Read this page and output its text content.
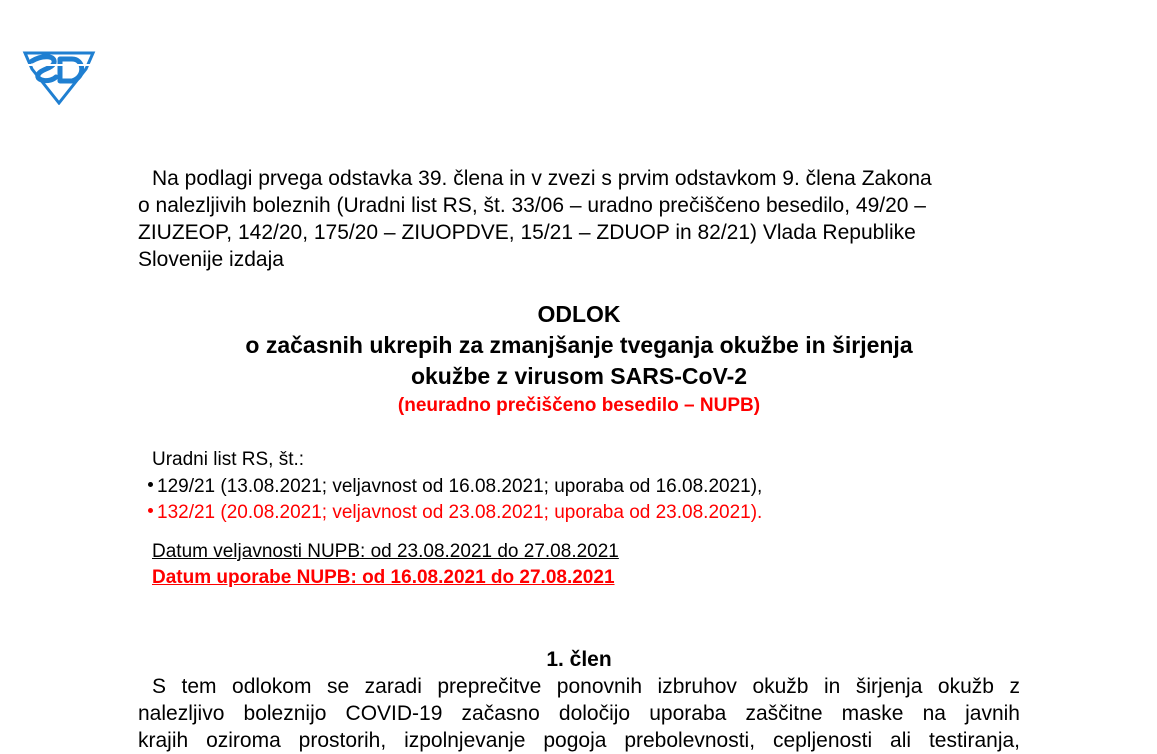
Na podlagi prvega odstavka 39. člena in v zvezi s prvim odstavkom 9. člena Zakona
o nalezljivih boleznih (Uradni list RS, št. 33/06 – uradno prečiščeno besedilo, 49/20 –
ZIUZEOP, 142/20, 175/20 – ZIUOPDVE, 15/21 – ZDUOP in 82/21) Vlada Republike
Slovenije izdaja
ODLOK
o začasnih ukrepih za zmanjšanje tveganja okužbe in širjenja
okužbe z virusom SARS-CoV-2
(neuradno prečiščeno besedilo – NUPB)
Uradni list RS, št.:
129/21 (13.08.2021; veljavnost od 16.08.2021; uporaba od 16.08.2021),
132/21 (20.08.2021; veljavnost od 23.08.2021; uporaba od 23.08.2021).
Datum veljavnosti NUPB: od 23.08.2021 do 27.08.2021
Datum uporabe NUPB: od 16.08.2021 do 27.08.2021
1. člen
S tem odlokom se zaradi preprečitve ponovnih izbruhov okužb in širjenja okužb z
nalezljivo boleznijo COVID-19 začasno določijo uporaba zaščitne maske na javnih
krajih oziroma prostorih, izpolnjevanje pogoja prebolevnosti, cepljenosti ali testiranja,
